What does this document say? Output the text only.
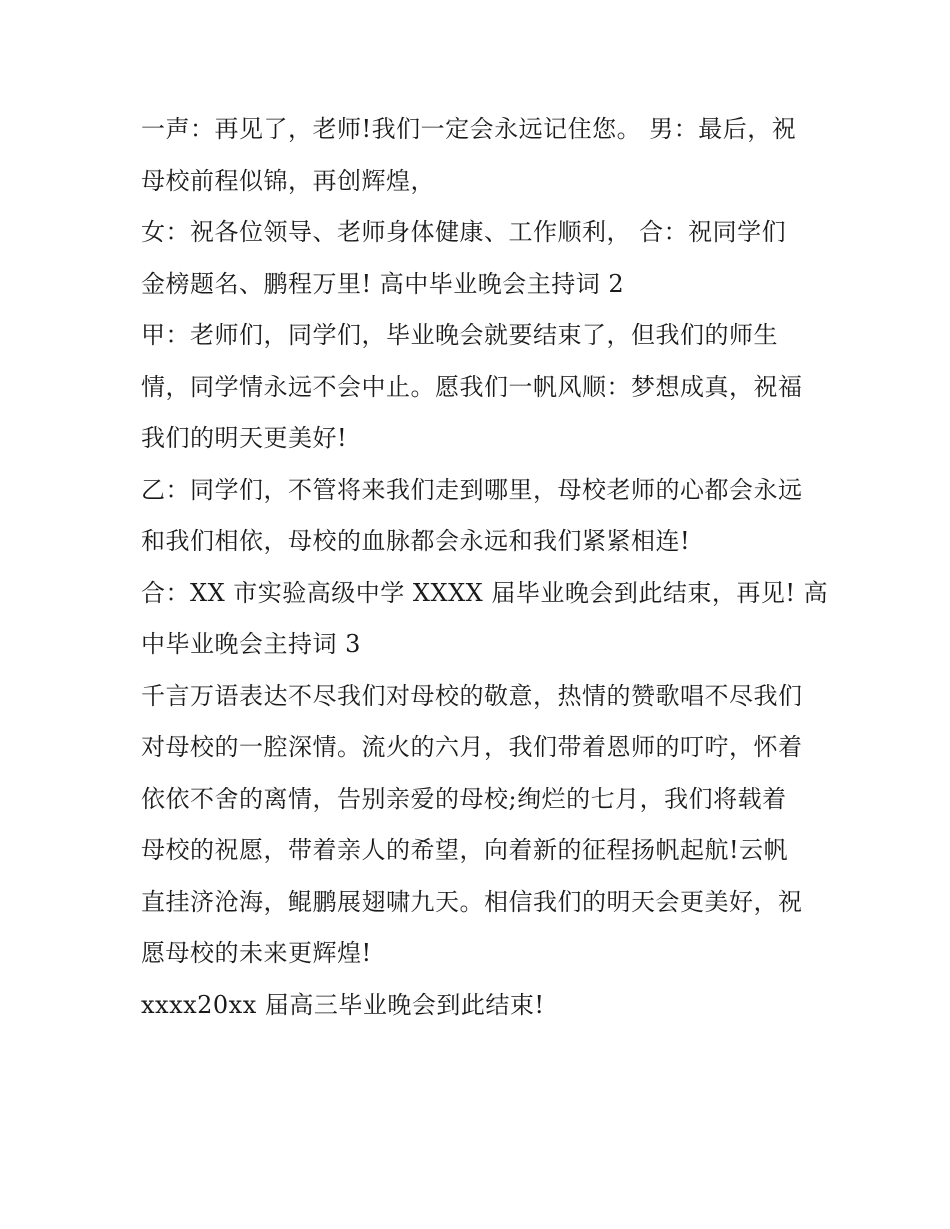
一声：再见了，老师!我们一定会永远记住您。 男：最后，祝
母校前程似锦，再创辉煌，
女：祝各位领导、老师身体健康、工作顺利， 合：祝同学们
金榜题名、鹏程万里! 高中毕业晚会主持词 2
甲：老师们，同学们，毕业晚会就要结束了，但我们的师生
情，同学情永远不会中止。愿我们一帆风顺：梦想成真，祝福
我们的明天更美好!
乙：同学们，不管将来我们走到哪里，母校老师的心都会永远
和我们相依，母校的血脉都会永远和我们紧紧相连!
合：XX 市实验高级中学 XXXX 届毕业晚会到此结束，再见! 高
中毕业晚会主持词 3
千言万语表达不尽我们对母校的敬意，热情的赞歌唱不尽我们
对母校的一腔深情。流火的六月，我们带着恩师的叮咛，怀着
依依不舍的离情，告别亲爱的母校;绚烂的七月，我们将载着
母校的祝愿，带着亲人的希望，向着新的征程扬帆起航!云帆
直挂济沧海，鲲鹏展翅啸九天。相信我们的明天会更美好，祝
愿母校的未来更辉煌!
xxxx20xx 届高三毕业晚会到此结束!
